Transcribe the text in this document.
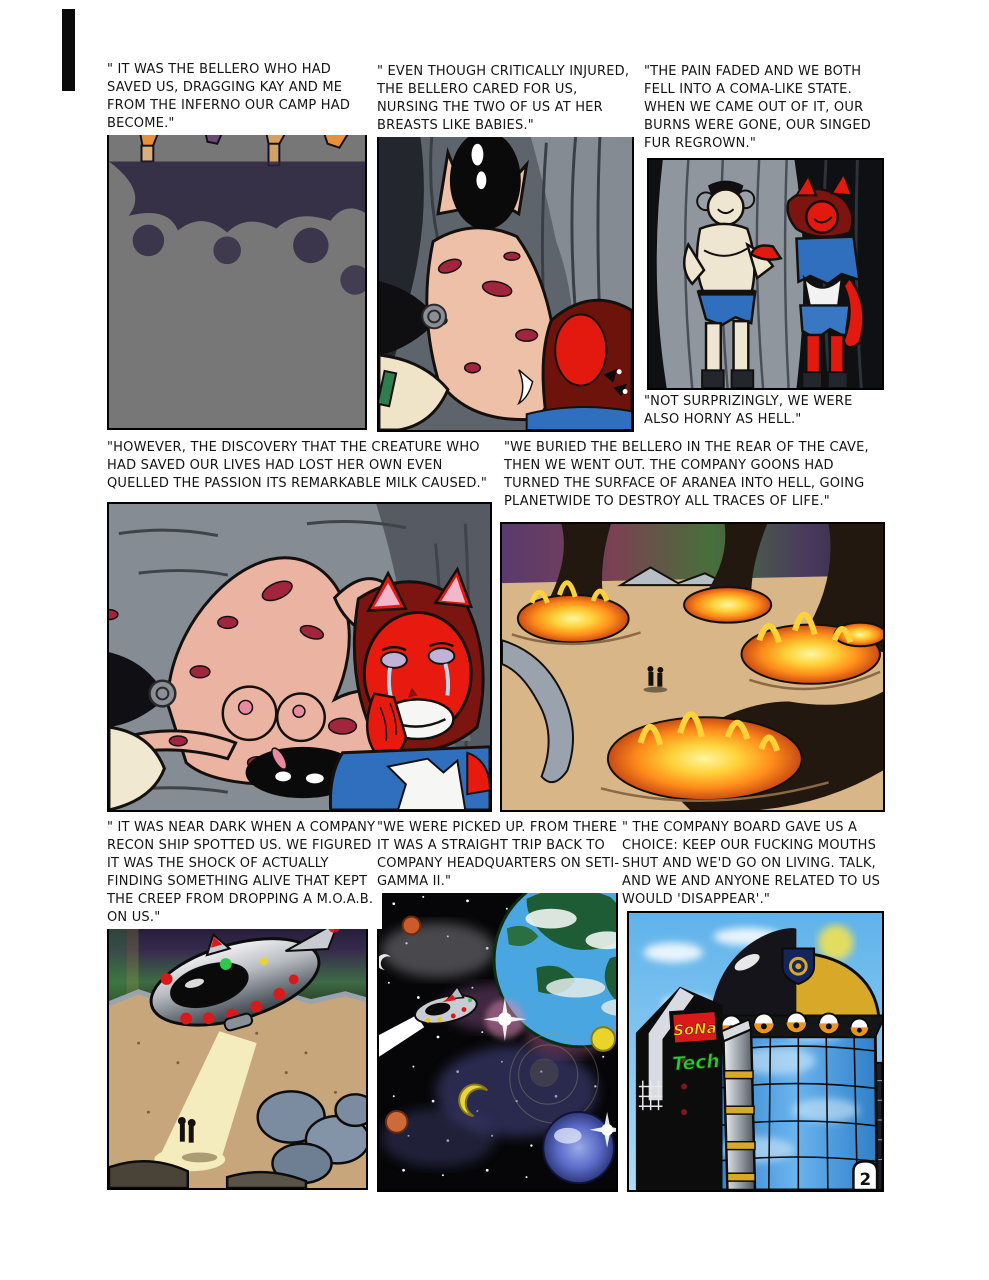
" IT WAS THE BELLERO WHO HAD SAVED US, DRAGGING KAY AND ME FROM THE INFERNO OUR CAMP HAD BECOME."
" EVEN THOUGH CRITICALLY INJURED, THE BELLERO CARED FOR US, NURSING THE TWO OF US AT HER BREASTS LIKE BABIES."
"THE PAIN FADED AND WE BOTH FELL INTO A COMA-LIKE STATE. WHEN WE CAME OUT OF IT, OUR BURNS WERE GONE, OUR SINGED FUR REGROWN."
"NOT SURPRIZINGLY, WE WERE ALSO HORNY AS HELL."
"HOWEVER, THE DISCOVERY THAT THE CREATURE WHO HAD SAVED OUR LIVES HAD LOST HER OWN EVEN QUELLED THE PASSION ITS REMARKABLE MILK CAUSED."
"WE BURIED THE BELLERO IN THE REAR OF THE CAVE, THEN WE WENT OUT. THE COMPANY GOONS HAD TURNED THE SURFACE OF ARANEA INTO HELL, GOING PLANETWIDE TO DESTROY ALL TRACES OF LIFE."
" IT WAS NEAR DARK WHEN A COMPANY RECON SHIP SPOTTED US. WE FIGURED IT WAS THE SHOCK OF ACTUALLY FINDING SOMETHING ALIVE THAT KEPT THE CREEP FROM DROPPING A M.O.A.B. ON US."
"WE WERE PICKED UP. FROM THERE IT WAS A STRAIGHT TRIP BACK TO COMPANY HEADQUARTERS ON SETI-GAMMA II."
" THE COMPANY BOARD GAVE US A CHOICE: KEEP OUR FUCKING MOUTHS SHUT AND WE'D GO ON LIVING. TALK, AND WE AND ANYONE RELATED TO US WOULD 'DISAPPEAR'."
SoNa
Tech
2
